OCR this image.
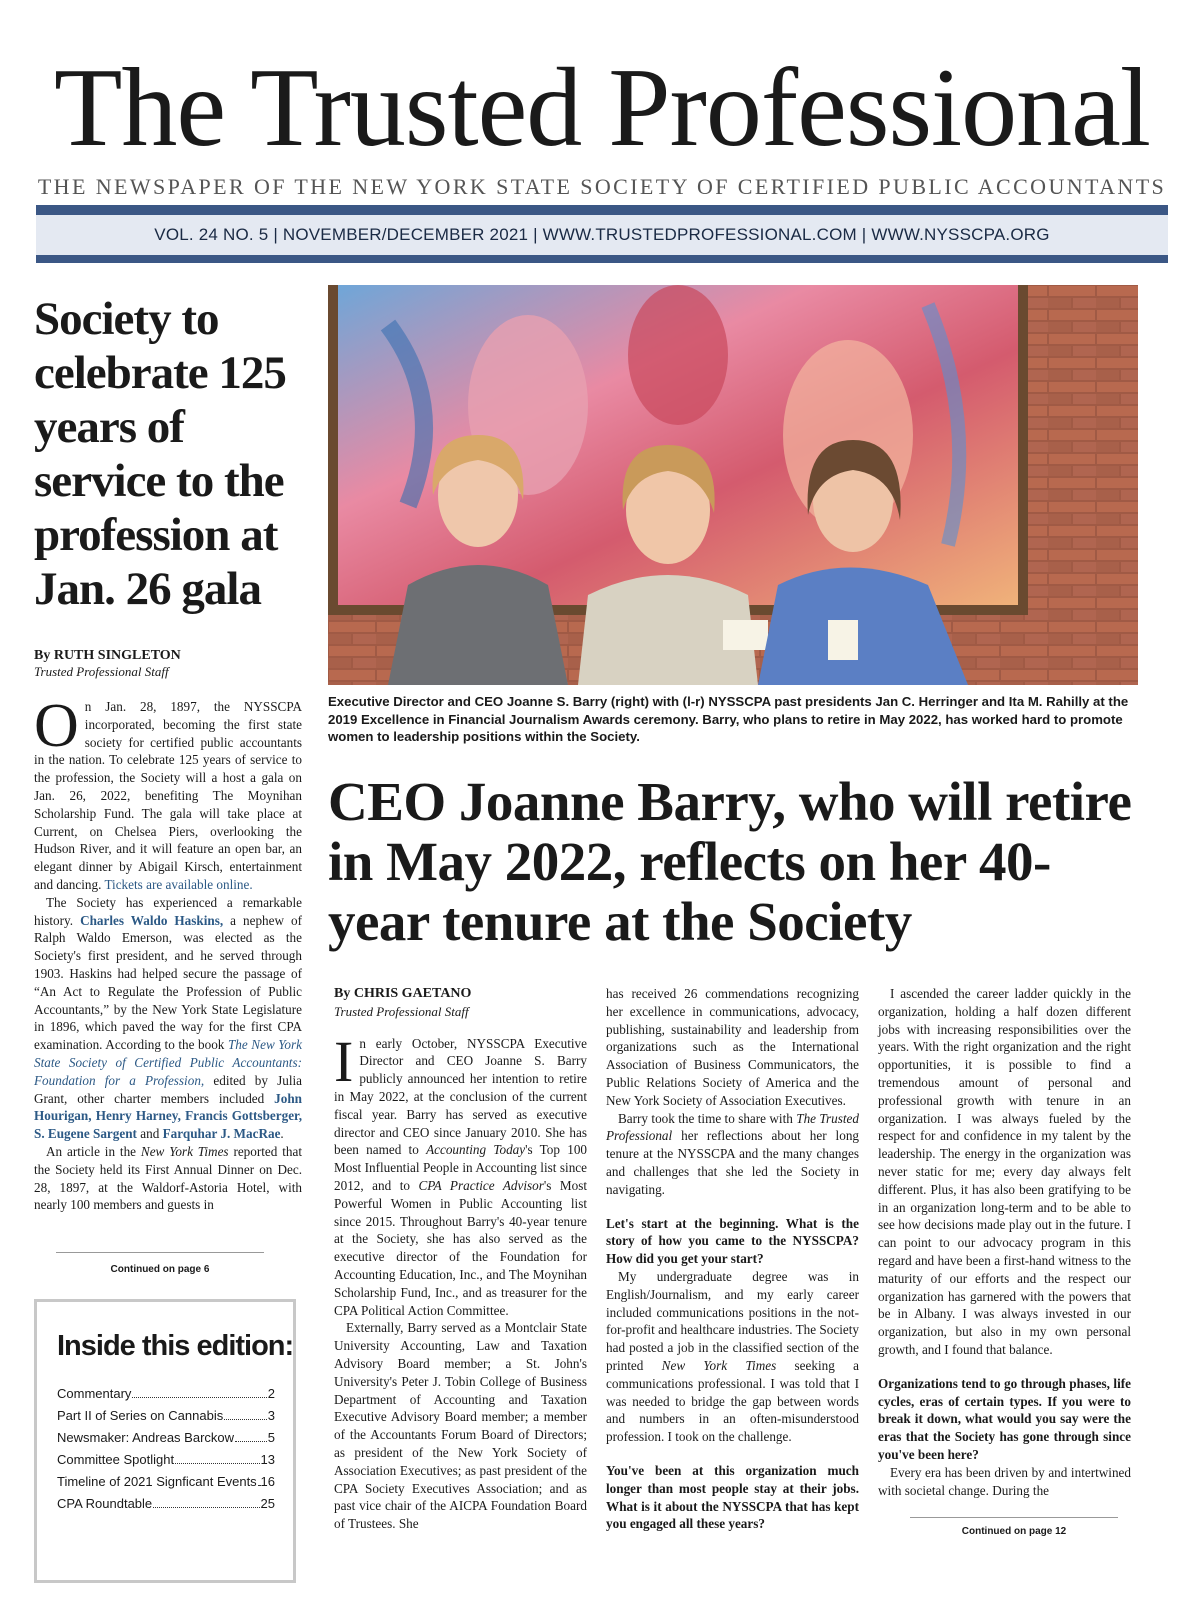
The Trusted Professional
THE NEWSPAPER OF THE NEW YORK STATE SOCIETY OF CERTIFIED PUBLIC ACCOUNTANTS
VOL. 24 NO. 5 | NOVEMBER/DECEMBER 2021 | WWW.TRUSTEDPROFESSIONAL.COM | WWW.NYSSCPA.ORG
Society to celebrate 125 years of service to the profession at Jan. 26 gala
By RUTH SINGLETON
Trusted Professional Staff

On Jan. 28, 1897, the NYSSCPA incorporated, becoming the first state society for certified public accountants in the nation. To celebrate 125 years of service to the profession, the Society will a host a gala on Jan. 26, 2022, benefiting The Moynihan Scholarship Fund. The gala will take place at Current, on Chelsea Piers, overlooking the Hudson River, and it will feature an open bar, an elegant dinner by Abigail Kirsch, entertainment and dancing. Tickets are available online.

The Society has experienced a remarkable history. Charles Waldo Haskins, a nephew of Ralph Waldo Emerson, was elected as the Society's first president, and he served through 1903. Haskins had helped secure the passage of “An Act to Regulate the Profession of Public Accountants,” by the New York State Legislature in 1896, which paved the way for the first CPA examination. According to the book The New York State Society of Certified Public Accountants: Foundation for a Profession, edited by Julia Grant, other charter members included John Hourigan, Henry Harney, Francis Gottsberger, S. Eugene Sargent and Farquhar J. MacRae.

An article in the New York Times reported that the Society held its First Annual Dinner on Dec. 28, 1897, at the Waldorf-Astoria Hotel, with nearly 100 members and guests in

Continued on page 6
Inside this edition:
Commentary	2
Part II of Series on Cannabis	3
Newsmaker: Andreas Barckow	5
Committee Spotlight	13
Timeline of 2021 Signficant Events 16
CPA Roundtable	25
Executive Director and CEO Joanne S. Barry (right) with (l-r) NYSSCPA past presidents Jan C. Herringer and Ita M. Rahilly at the 2019 Excellence in Financial Journalism Awards ceremony. Barry, who plans to retire in May 2022, has worked hard to promote women to leadership positions within the Society.
CEO Joanne Barry, who will retire in May 2022, reflects on her 40-year tenure at the Society
By CHRIS GAETANO
Trusted Professional Staff

In early October, NYSSCPA Executive Director and CEO Joanne S. Barry publicly announced her intention to retire in May 2022, at the conclusion of the current fiscal year. Barry has served as executive director and CEO since January 2010. She has been named to Accounting Today's Top 100 Most Influential People in Accounting list since 2012, and to CPA Practice Advisor's Most Powerful Women in Public Accounting list since 2015. Throughout Barry's 40-year tenure at the Society, she has also served as the executive director of the Foundation for Accounting Education, Inc., and The Moynihan Scholarship Fund, Inc., and as treasurer for the CPA Political Action Committee.

Externally, Barry served as a Montclair State University Accounting, Law and Taxation Advisory Board member; a St. John's University's Peter J. Tobin College of Business Department of Accounting and Taxation Executive Advisory Board member; a member of the Accountants Forum Board of Directors; as president of the New York Society of Association Executives; as past president of the CPA Society Executives Association; and as past vice chair of the AICPA Foundation Board of Trustees. She

has received 26 commendations recognizing her excellence in communications, advocacy, publishing, sustainability and leadership from organizations such as the International Association of Business Communicators, the Public Relations Society of America and the New York Society of Association Executives.

Barry took the time to share with The Trusted Professional her reflections about her long tenure at the NYSSCPA and the many changes and challenges that she led the Society in navigating.

Let's start at the beginning. What is the story of how you came to the NYSSCPA? How did you get your start?

My undergraduate degree was in English/Journalism, and my early career included communications positions in the not-for-profit and healthcare industries. The Society had posted a job in the classified section of the printed New York Times seeking a communications professional. I was told that I was needed to bridge the gap between words and numbers in an often-misunderstood profession. I took on the challenge.

You've been at this organization much longer than most people stay at their jobs. What is it about the NYSSCPA that has kept you engaged all these years?

I ascended the career ladder quickly in the organization, holding a half dozen different jobs with increasing responsibilities over the years. With the right organization and the right opportunities, it is possible to find a tremendous amount of personal and professional growth with tenure in an organization. I was always fueled by the respect for and confidence in my talent by the leadership. The energy in the organization was never static for me; every day always felt different. Plus, it has also been gratifying to be in an organization long-term and to be able to see how decisions made play out in the future. I can point to our advocacy program in this regard and have been a first-hand witness to the maturity of our efforts and the respect our organization has garnered with the powers that be in Albany. I was always invested in our organization, but also in my own personal growth, and I found that balance.

Organizations tend to go through phases, life cycles, eras of certain types. If you were to break it down, what would you say were the eras that the Society has gone through since you've been here?

Every era has been driven by and intertwined with societal change. During the

Continued on page 12
